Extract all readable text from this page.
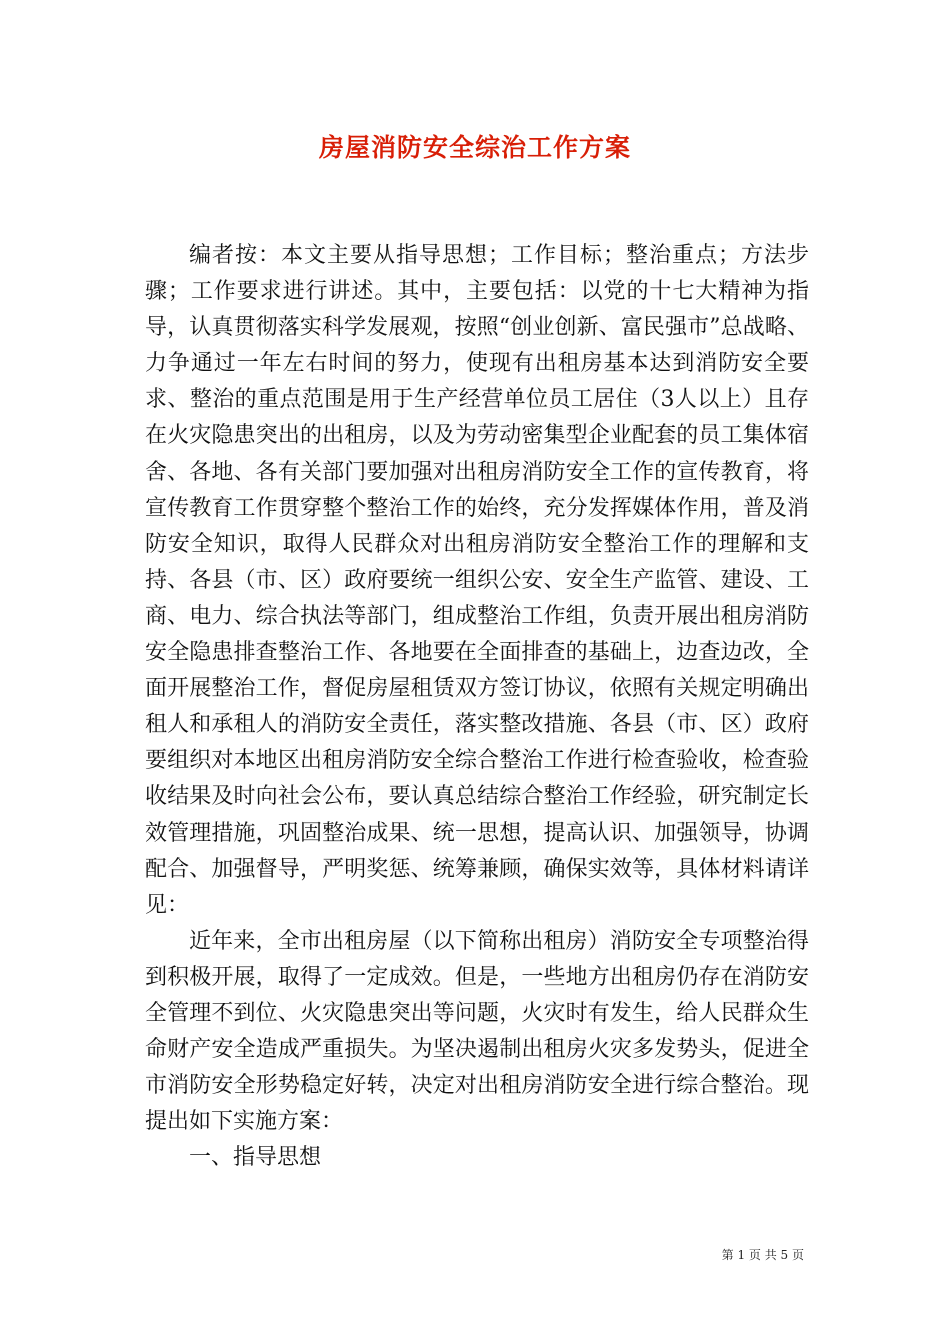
房屋消防安全综治工作方案

编者按：本文主要从指导思想；工作目标；整治重点；方法步骤；工作要求进行讲述。其中，主要包括：以党的十七大精神为指导，认真贯彻落实科学发展观，按照“创业创新、富民强市”总战略、力争通过一年左右时间的努力，使现有出租房基本达到消防安全要求、整治的重点范围是用于生产经营单位员工居住（3人以上）且存在火灾隐患突出的出租房，以及为劳动密集型企业配套的员工集体宿舍、各地、各有关部门要加强对出租房消防安全工作的宣传教育，将宣传教育工作贯穿整个整治工作的始终，充分发挥媒体作用，普及消防安全知识，取得人民群众对出租房消防安全整治工作的理解和支持、各县（市、区）政府要统一组织公安、安全生产监管、建设、工商、电力、综合执法等部门，组成整治工作组，负责开展出租房消防安全隐患排查整治工作、各地要在全面排查的基础上，边查边改，全面开展整治工作，督促房屋租赁双方签订协议，依照有关规定明确出租人和承租人的消防安全责任，落实整改措施、各县（市、区）政府要组织对本地区出租房消防安全综合整治工作进行检查验收，检查验收结果及时向社会公布，要认真总结综合整治工作经验，研究制定长效管理措施，巩固整治成果、统一思想，提高认识、加强领导，协调配合、加强督导，严明奖惩、统筹兼顾，确保实效等，具体材料请详见：

近年来，全市出租房屋（以下简称出租房）消防安全专项整治得到积极开展，取得了一定成效。但是，一些地方出租房仍存在消防安全管理不到位、火灾隐患突出等问题，火灾时有发生，给人民群众生命财产安全造成严重损失。为坚决遏制出租房火灾多发势头，促进全市消防安全形势稳定好转，决定对出租房消防安全进行综合整治。现提出如下实施方案：

一、指导思想

第 1 页 共 5 页
